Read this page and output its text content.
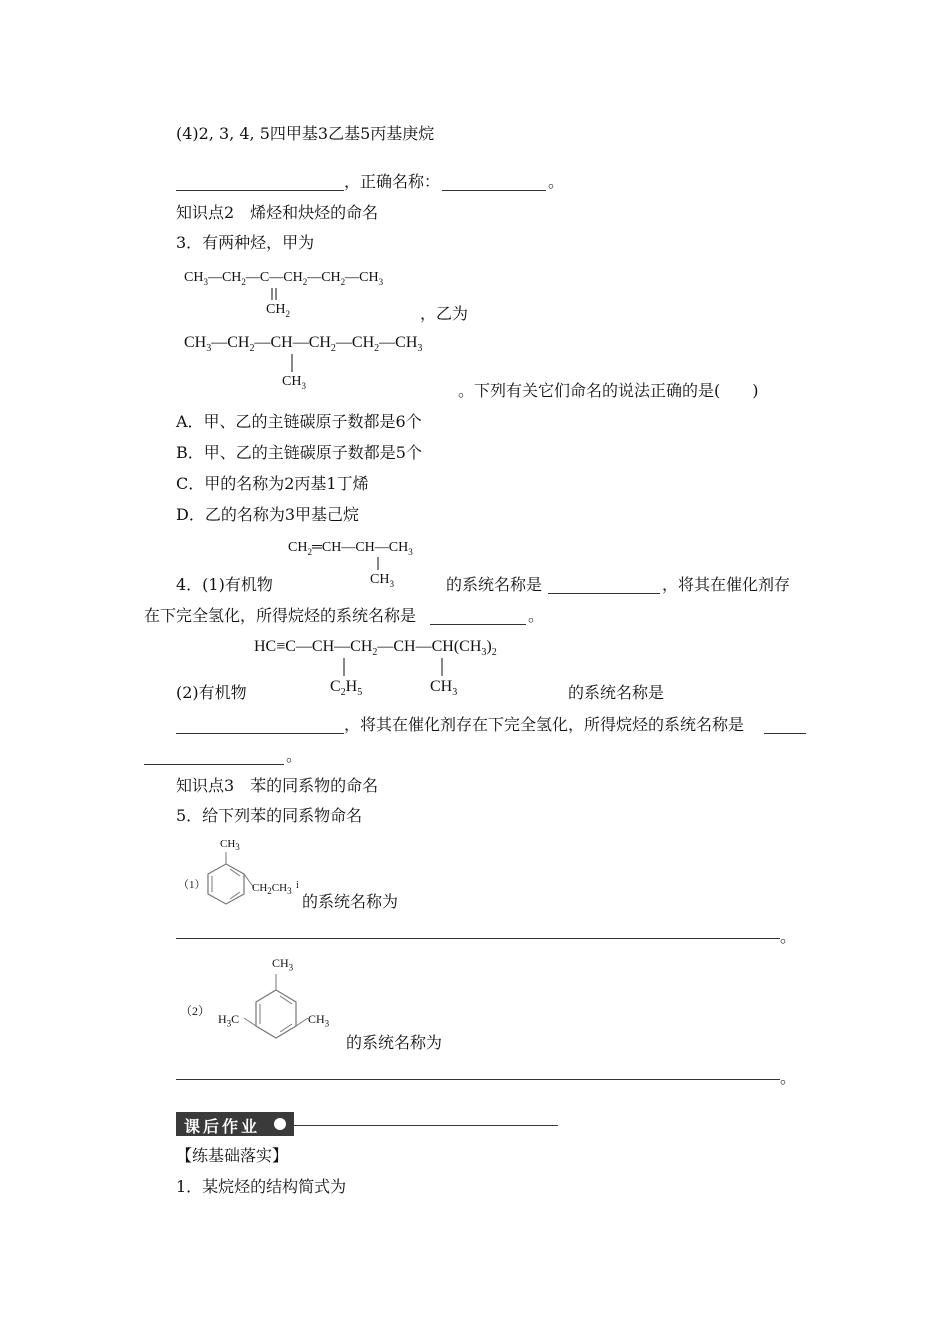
(4)2, 3, 4, 5四甲基3乙基5丙基庚烷
，正确名称：	。
知识点2　烯烃和炔烃的命名
3．有两种烃，甲为
$CH_3—CH_2—C—CH_2—CH_2—CH_3$
$CH_2$	，乙为
$CH_3—CH_2—CH—CH_2—CH_2—CH_3$
$CH_3$	。下列有关它们命名的说法正确的是(　　)
A．甲、乙的主链碳原子数都是6个
B．甲、乙的主链碳原子数都是5个
C．甲的名称为2丙基1丁烯
D．乙的名称为3甲基己烷
$CH_2═CH—CH—CH_3$
$CH_3$
4．(1)有机物	的系统名称是	，将其在催化剂存
在下完全氢化，所得烷烃的系统名称是	。
$HC\equiv C—CH—CH_2—CH—CH(CH_3)_2$
$C_2H_5$	$CH_3$
(2)有机物	的系统名称是
，将其在催化剂存在下完全氢化，所得烷烃的系统名称是
。
知识点3　苯的同系物的命名
5．给下列苯的同系物命名
（1）
$CH_3$
$CH_2CH_3$
i
的系统名称为
。
（2）
$CH_3$
$H_3C$	$CH_3$
的系统名称为
。
课后作业
【练基础落实】
1．某烷烃的结构简式为
